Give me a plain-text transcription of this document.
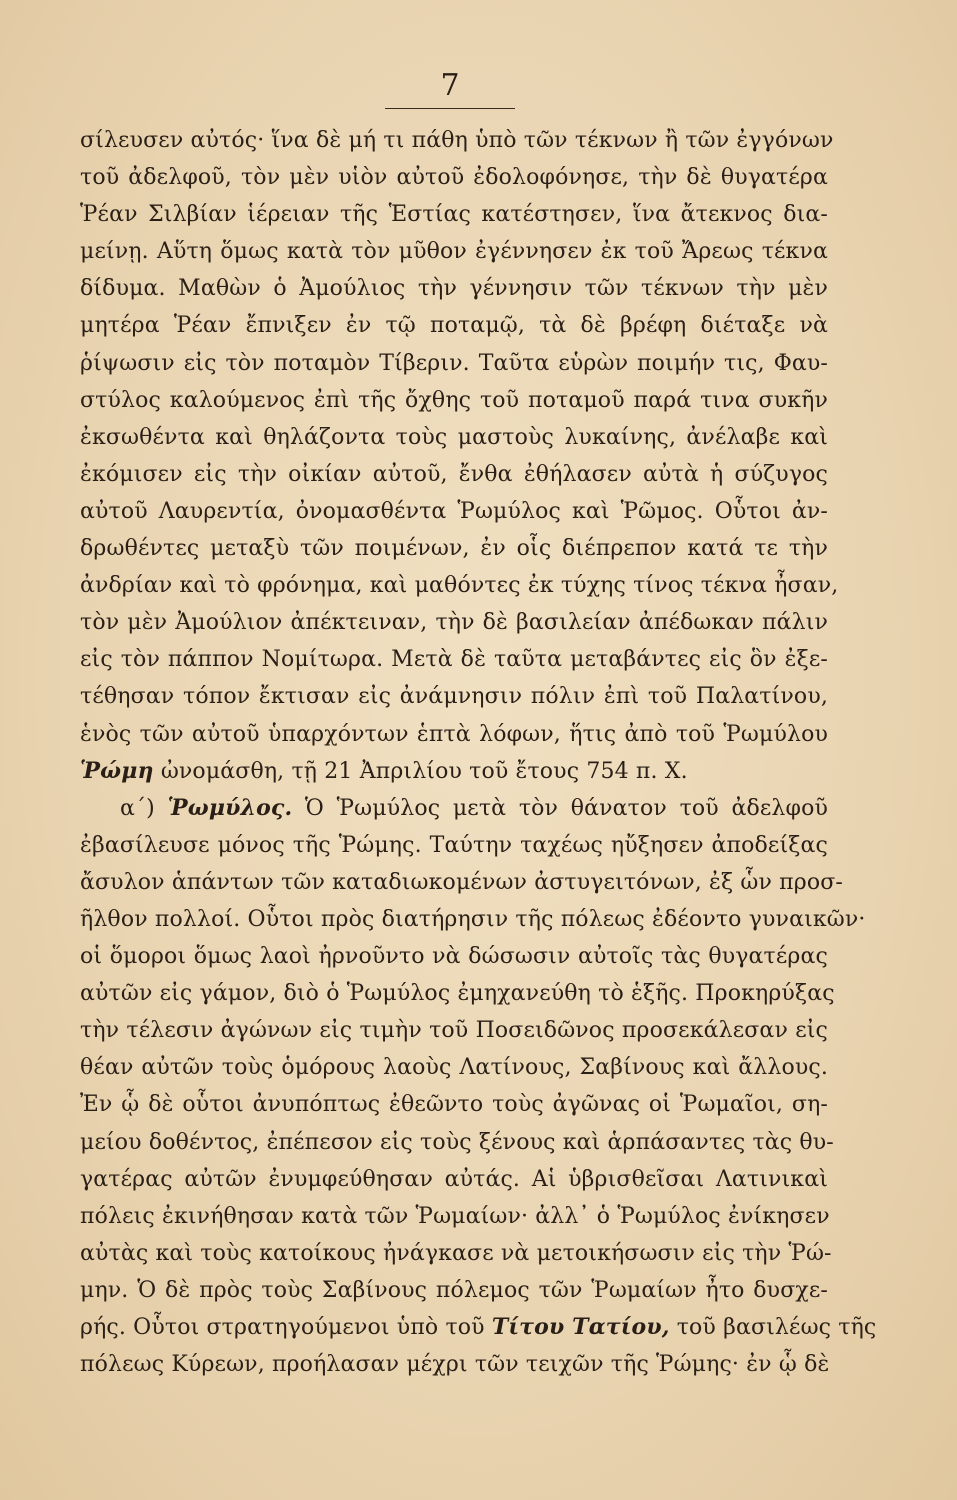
7
σίλευσεν αὐτός· ἵνα δὲ μή τι πάθη ὑπὸ τῶν τέκνων ἢ τῶν ἐγγόνων
τοῦ ἀδελφοῦ, τὸν μὲν υἱὸν αὐτοῦ ἐδολοφόνησε, τὴν δὲ θυγατέρα
Ῥέαν Σιλβίαν ἱέρειαν τῆς Ἑστίας κατέστησεν, ἵνα ἄτεκνος δια-
μείνῃ. Αὕτη ὅμως κατὰ τὸν μῦθον ἐγέννησεν ἐκ τοῦ Ἄρεως τέκνα
δίδυμα. Μαθὼν ὁ Ἀμούλιος τὴν γέννησιν τῶν τέκνων τὴν μὲν
μητέρα Ῥέαν ἔπνιξεν ἐν τῷ ποταμῷ, τὰ δὲ βρέφη διέταξε νὰ
ῥίψωσιν εἰς τὸν ποταμὸν Τίβεριν. Ταῦτα εὑρὼν ποιμήν τις, Φαυ-
στύλος καλούμενος ἐπὶ τῆς ὄχθης τοῦ ποταμοῦ παρά τινα συκῆν
ἐκσωθέντα καὶ θηλάζοντα τοὺς μαστοὺς λυκαίνης, ἀνέλαβε καὶ
ἐκόμισεν εἰς τὴν οἰκίαν αὐτοῦ, ἔνθα ἐθήλασεν αὐτὰ ἡ σύζυγος
αὐτοῦ Λαυρεντία, ὀνομασθέντα Ῥωμύλος καὶ Ῥῶμος. Οὗτοι ἀν-
δρωθέντες μεταξὺ τῶν ποιμένων, ἐν οἷς διέπρεπον κατά τε τὴν
ἀνδρίαν καὶ τὸ φρόνημα, καὶ μαθόντες ἐκ τύχης τίνος τέκνα ἦσαν,
τὸν μὲν Ἀμούλιον ἀπέκτειναν, τὴν δὲ βασιλείαν ἀπέδωκαν πάλιν
εἰς τὸν πάππον Νομίτωρα. Μετὰ δὲ ταῦτα μεταβάντες εἰς ὃν ἐξε-
τέθησαν τόπον ἔκτισαν εἰς ἀνάμνησιν πόλιν ἐπὶ τοῦ Παλατίνου,
ἑνὸς τῶν αὐτοῦ ὑπαρχόντων ἑπτὰ λόφων, ἥτις ἀπὸ τοῦ Ῥωμύλου
Ῥώμη ὠνομάσθη, τῇ 21 Ἀπριλίου τοῦ ἔτους 754 π. Χ.
α΄) Ῥωμύλος. Ὁ Ῥωμύλος μετὰ τὸν θάνατον τοῦ ἀδελφοῦ
ἐβασίλευσε μόνος τῆς Ῥώμης. Ταύτην ταχέως ηὔξησεν ἀποδείξας
ἄσυλον ἁπάντων τῶν καταδιωκομένων ἀστυγειτόνων, ἐξ ὧν προσ-
ῆλθον πολλοί. Οὗτοι πρὸς διατήρησιν τῆς πόλεως ἐδέοντο γυναικῶν·
οἱ ὅμοροι ὅμως λαοὶ ἠρνοῦντο νὰ δώσωσιν αὐτοῖς τὰς θυγατέρας
αὐτῶν εἰς γάμον, διὸ ὁ Ῥωμύλος ἐμηχανεύθη τὸ ἑξῆς. Προκηρύξας
τὴν τέλεσιν ἀγώνων εἰς τιμὴν τοῦ Ποσειδῶνος προσεκάλεσαν εἰς
θέαν αὐτῶν τοὺς ὁμόρους λαοὺς Λατίνους, Σαβίνους καὶ ἄλλους.
Ἐν ᾧ δὲ οὗτοι ἀνυπόπτως ἐθεῶντο τοὺς ἀγῶνας οἱ Ῥωμαῖοι, ση-
μείου δοθέντος, ἐπέπεσον εἰς τοὺς ξένους καὶ ἁρπάσαντες τὰς θυ-
γατέρας αὐτῶν ἐνυμφεύθησαν αὐτάς. Αἱ ὑβρισθεῖσαι Λατινικαὶ
πόλεις ἐκινήθησαν κατὰ τῶν Ῥωμαίων· ἀλλ᾽ ὁ Ῥωμύλος ἐνίκησεν
αὐτὰς καὶ τοὺς κατοίκους ἠνάγκασε νὰ μετοικήσωσιν εἰς τὴν Ῥώ-
μην. Ὁ δὲ πρὸς τοὺς Σαβίνους πόλεμος τῶν Ῥωμαίων ἦτο δυσχε-
ρής. Οὗτοι στρατηγούμενοι ὑπὸ τοῦ Τίτου Τατίου, τοῦ βασιλέως τῆς
πόλεως Κύρεων, προήλασαν μέχρι τῶν τειχῶν τῆς Ῥώμης· ἐν ᾧ δὲ
